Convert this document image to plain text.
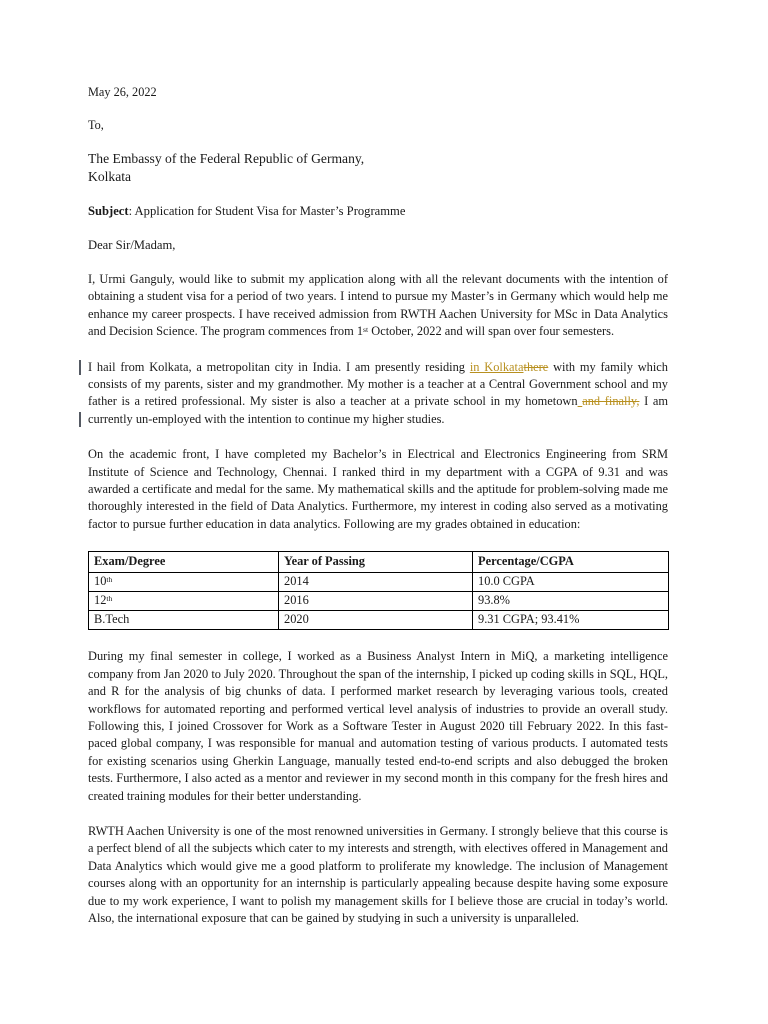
May 26, 2022
To,
The Embassy of the Federal Republic of Germany,
Kolkata
Subject: Application for Student Visa for Master’s Programme
Dear Sir/Madam,

I, Urmi Ganguly, would like to submit my application along with all the relevant documents with the intention of obtaining a student visa for a period of two years. I intend to pursue my Master’s in Germany which would help me enhance my career prospects. I have received admission from RWTH Aachen University for MSc in Data Analytics and Decision Science. The program commences from 1st October, 2022 and will span over four semesters.

I hail from Kolkata, a metropolitan city in India. I am presently residing in Kolkatathere with my family which consists of my parents, sister and my grandmother. My mother is a teacher at a Central Government school and my father is a retired professional. My sister is also a teacher at a private school in my hometown and finally, I am currently un-employed with the intention to continue my higher studies.

On the academic front, I have completed my Bachelor’s in Electrical and Electronics Engineering from SRM Institute of Science and Technology, Chennai. I ranked third in my department with a CGPA of 9.31 and was awarded a certificate and medal for the same. My mathematical skills and the aptitude for problem-solving made me thoroughly interested in the field of Data Analytics. Furthermore, my interest in coding also served as a motivating factor to pursue further education in data analytics. Following are my grades obtained in education:

Exam/Degree	Year of Passing	Percentage/CGPA
10th	2014	10.0 CGPA
12th	2016	93.8%
B.Tech	2020	9.31 CGPA; 93.41%

During my final semester in college, I worked as a Business Analyst Intern in MiQ, a marketing intelligence company from Jan 2020 to July 2020. Throughout the span of the internship, I picked up coding skills in SQL, HQL, and R for the analysis of big chunks of data. I performed market research by leveraging various tools, created workflows for automated reporting and performed vertical level analysis of industries to provide an overall study. Following this, I joined Crossover for Work as a Software Tester in August 2020 till February 2022. In this fast-paced global company, I was responsible for manual and automation testing of various products. I automated tests for existing scenarios using Gherkin Language, manually tested end-to-end scripts and also debugged the broken tests. Furthermore, I also acted as a mentor and reviewer in my second month in this company for the fresh hires and created training modules for their better understanding.

RWTH Aachen University is one of the most renowned universities in Germany. I strongly believe that this course is a perfect blend of all the subjects which cater to my interests and strength, with electives offered in Management and Data Analytics which would give me a good platform to proliferate my knowledge. The inclusion of Management courses along with an opportunity for an internship is particularly appealing because despite having some exposure due to my work experience, I want to polish my management skills for I believe those are crucial in today’s world. Also, the international exposure that can be gained by studying in such a university is unparalleled.
